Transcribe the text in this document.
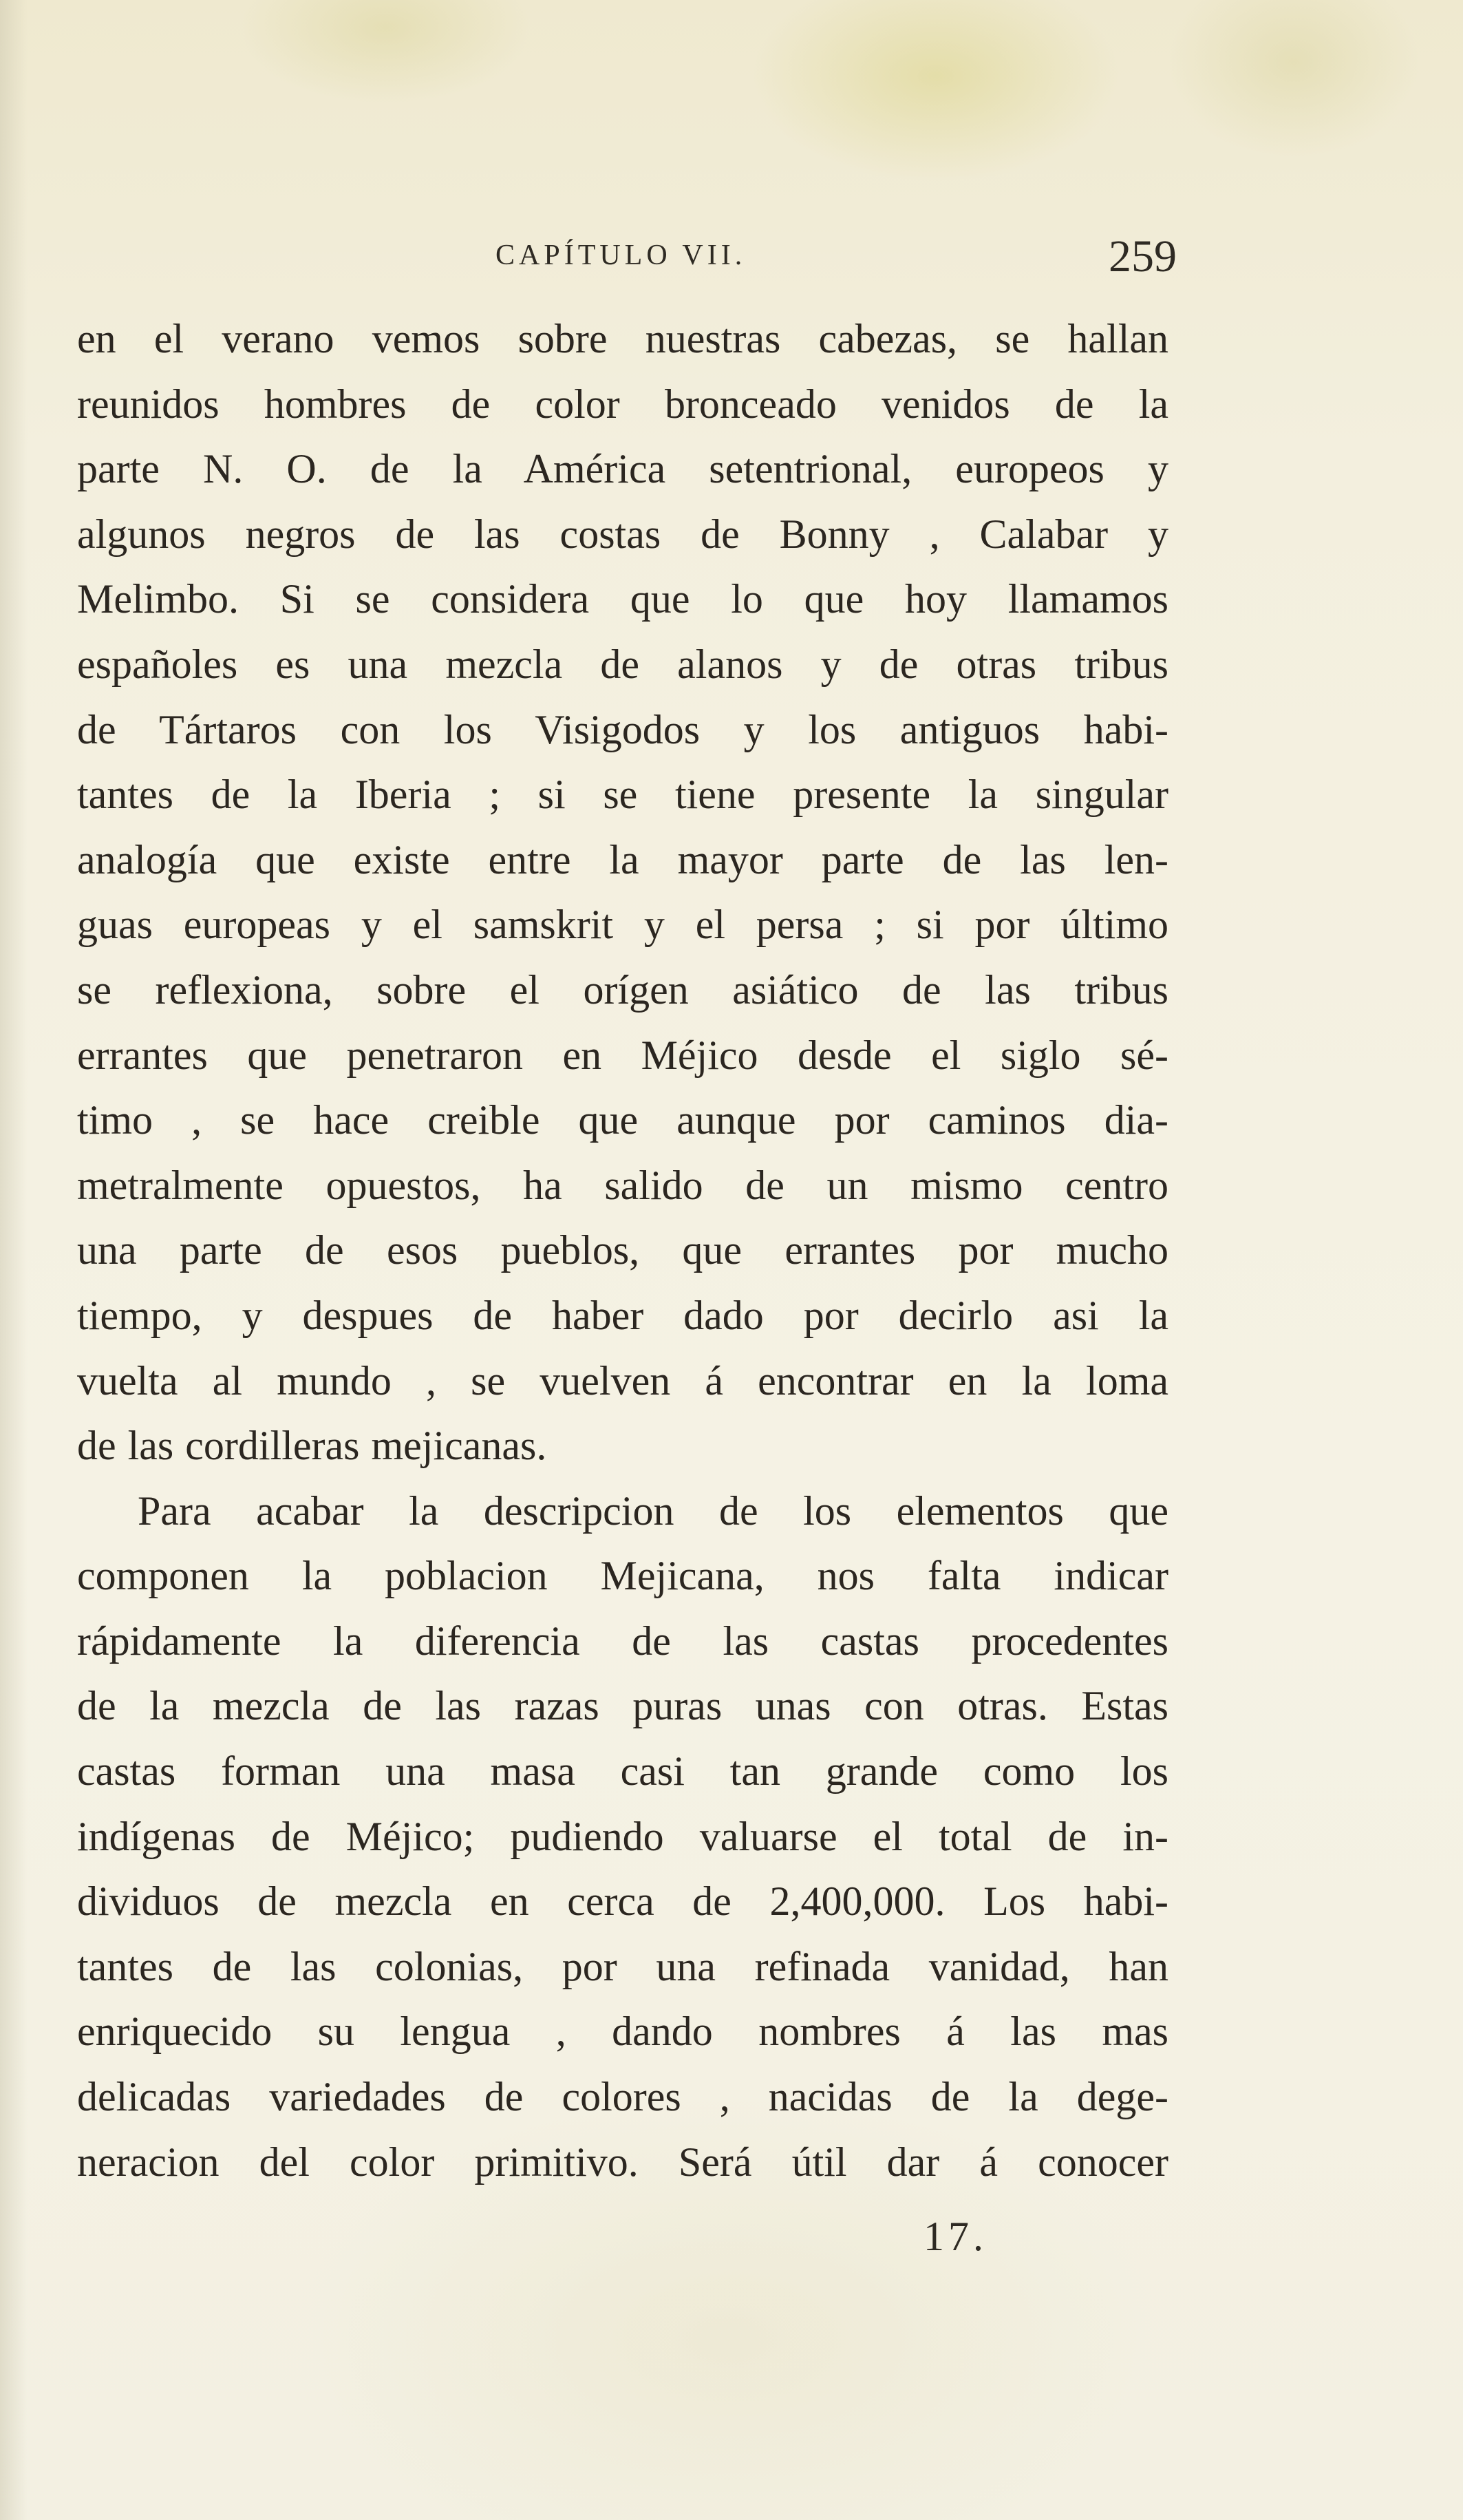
CAPÍTULO VII.	259
en el verano vemos sobre nuestras cabezas, se hallan
reunidos hombres de color bronceado venidos de la
parte N. O. de la América setentrional, europeos y
algunos negros de las costas de Bonny , Calabar y
Melimbo. Si se considera que lo que hoy llamamos
españoles es una mezcla de alanos y de otras tribus
de Tártaros con los Visigodos y los antiguos habi-
tantes de la Iberia ; si se tiene presente la singular
analogía que existe entre la mayor parte de las len-
guas europeas y el samskrit y el persa ; si por último
se reflexiona, sobre el orígen asiático de las tribus
errantes que penetraron en Méjico desde el siglo sé-
timo , se hace creible que aunque por caminos dia-
metralmente opuestos, ha salido de un mismo centro
una parte de esos pueblos, que errantes por mucho
tiempo, y despues de haber dado por decirlo asi la
vuelta al mundo , se vuelven á encontrar en la loma
de las cordilleras mejicanas.
Para acabar la descripcion de los elementos que
componen la poblacion Mejicana, nos falta indicar
rápidamente la diferencia de las castas procedentes
de la mezcla de las razas puras unas con otras. Estas
castas forman una masa casi tan grande como los
indígenas de Méjico; pudiendo valuarse el total de in-
dividuos de mezcla en cerca de 2,400,000. Los habi-
tantes de las colonias, por una refinada vanidad, han
enriquecido su lengua , dando nombres á las mas
delicadas variedades de colores , nacidas de la dege-
neracion del color primitivo. Será útil dar á conocer
17.
